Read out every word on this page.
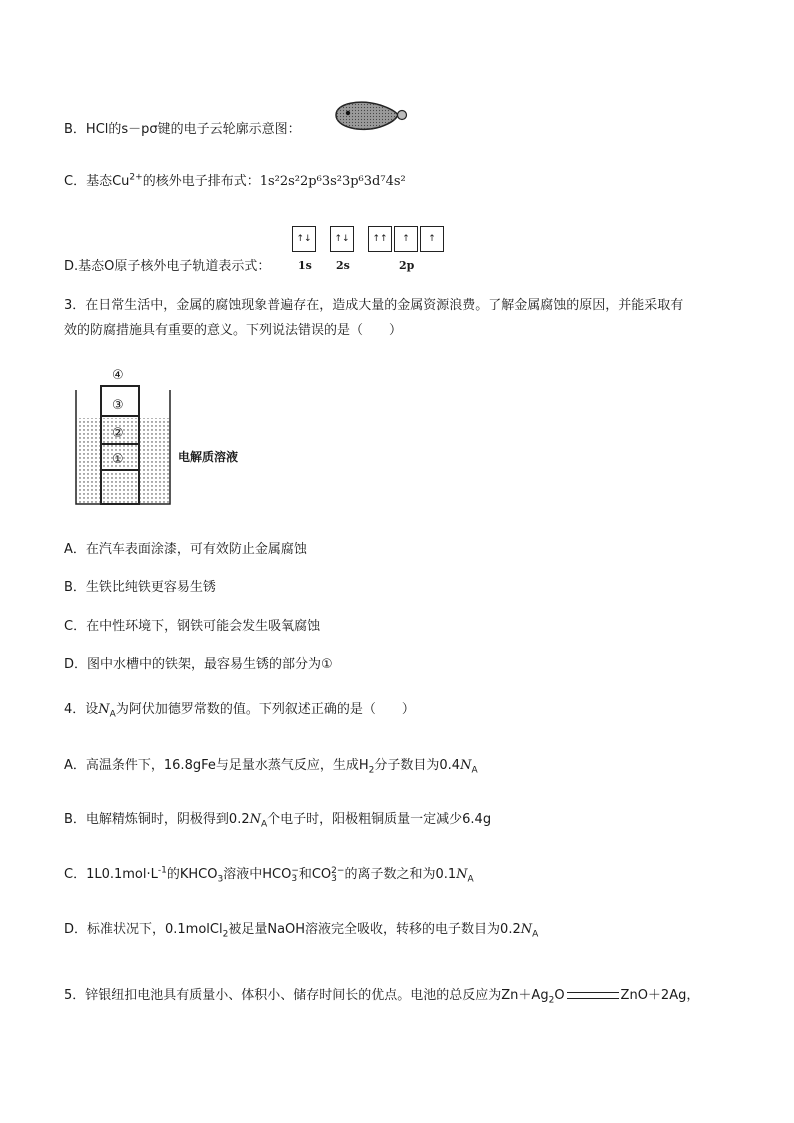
B．HCl的s－pσ键的电子云轮廓示意图：
C．基态$Cu^{2+}$的核外电子排布式：1s²2s²2p⁶3s²3p⁶3d⁷4s²
D.基态O原子核外电子轨道表示式：
↑↓	↑↓	↑↑ ↑ ↑
1s 2s	2p
3．在日常生活中，金属的腐蚀现象普遍存在，造成大量的金属资源浪费。了解金属腐蚀的原因，并能采取有
效的防腐措施具有重要的意义。下列说法错误的是（　　）
④
③
②
①	电解质溶液
A．在汽车表面涂漆，可有效防止金属腐蚀
B．生铁比纯铁更容易生锈
C．在中性环境下，钢铁可能会发生吸氧腐蚀
D．图中水槽中的铁架，最容易生锈的部分为①
4．设$N_A$为阿伏加德罗常数的值。下列叙述正确的是（　　）
A．高温条件下，16.8gFe与足量水蒸气反应，生成$H_2$分子数目为$0.4N_A$
B．电解精炼铜时，阴极得到$0.2N_A$个电子时，阳极粗铜质量一定减少6.4g
C．$1L0.1mol\cdot L^{-1}$的$KHCO_3$溶液中HCO −
3 和CO 2−
3 的离子数之和为$0.1N_A$
D．标准状况下，0.1molCl$_2$被足量NaOH溶液完全吸收，转移的电子数目为$0.2N_A$
5．锌银纽扣电池具有质量小、体积小、储存时间长的优点。电池的总反应为$Zn+Ag_2O$	ZnO＋2Ag，
